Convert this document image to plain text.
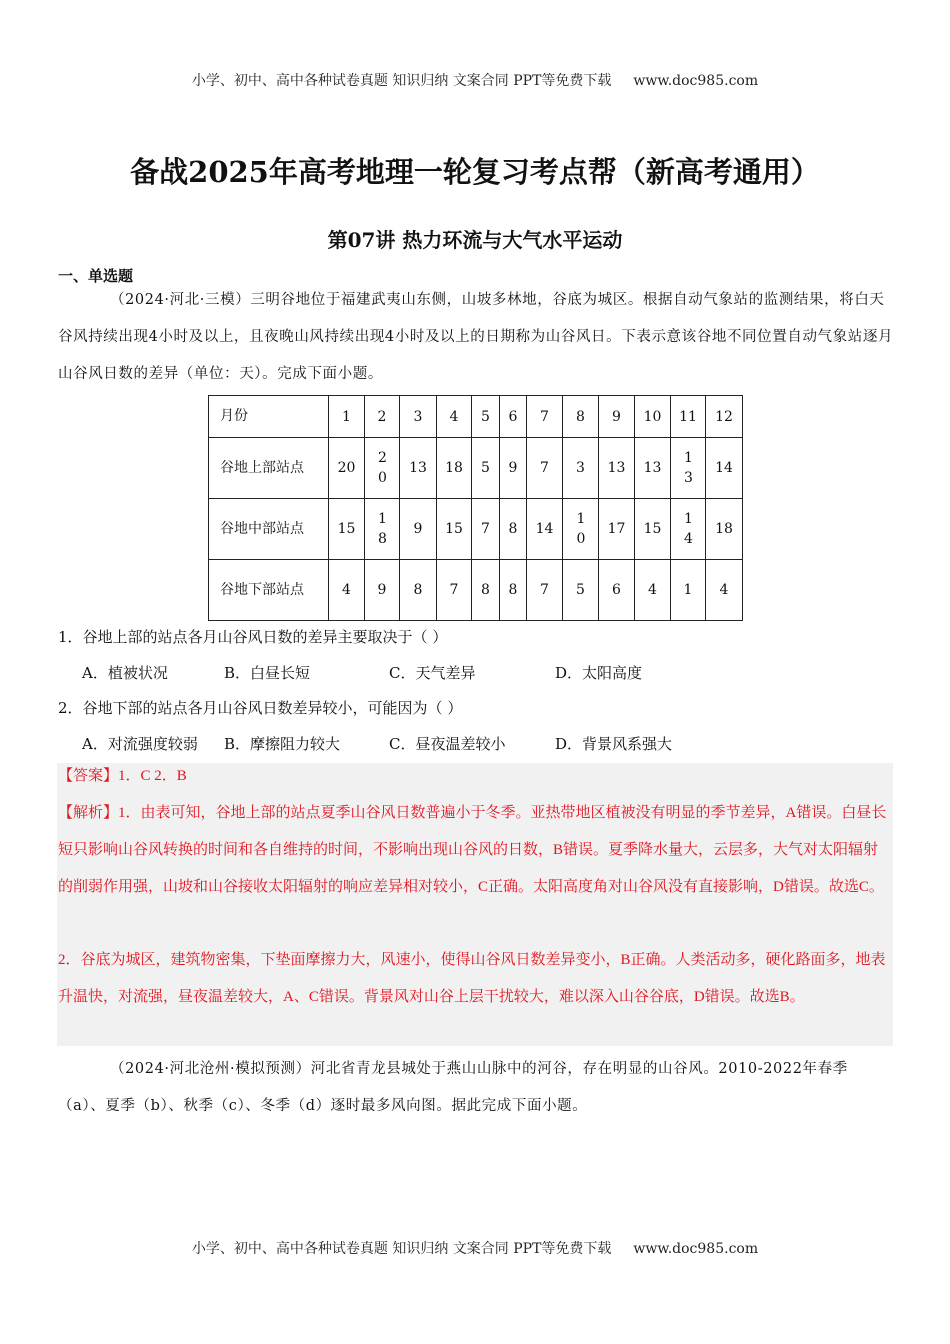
小学、初中、高中各种试卷真题 知识归纳 文案合同 PPT等免费下载 www.doc985.com
备战2025年高考地理一轮复习考点帮（新高考通用）
第07讲 热力环流与大气水平运动
一、单选题
（2024·河北·三模）三明谷地位于福建武夷山东侧，山坡多林地，谷底为城区。根据自动气象站的监测结果，将白天谷风持续出现4小时及以上，且夜晚山风持续出现4小时及以上的日期称为山谷风日。下表示意该谷地不同位置自动气象站逐月山谷风日数的差异（单位：天）。完成下面小题。
月份	1	2	3	4	5	6	7	8	9	10	11	12
谷地上部站点	20	20	13	18	5	9	7	3	13	13	13	14
谷地中部站点	15	18	9	15	7	8	14	10	17	15	14	18
谷地下部站点	4	9	8	7	8	8	7	5	6	4	1	4
1．谷地上部的站点各月山谷风日数的差异主要取决于（ ）
A．植被状况	B．白昼长短	C．天气差异	D．太阳高度
2．谷地下部的站点各月山谷风日数差异较小，可能因为（ ）
A．对流强度较弱 B．摩擦阻力较大	C．昼夜温差较小	D．背景风系强大
【答案】1．C 2．B
【解析】1．由表可知，谷地上部的站点夏季山谷风日数普遍小于冬季。亚热带地区植被没有明显的季节差异，A错误。白昼长短只影响山谷风转换的时间和各自维持的时间，不影响出现山谷风的日数，B错误。夏季降水量大，云层多，大气对太阳辐射的削弱作用强，山坡和山谷接收太阳辐射的响应差异相对较小，C正确。太阳高度角对山谷风没有直接影响，D错误。故选C。
2．谷底为城区，建筑物密集，下垫面摩擦力大，风速小，使得山谷风日数差异变小，B正确。人类活动多，硬化路面多，地表升温快，对流强，昼夜温差较大，A、C错误。背景风对山谷上层干扰较大，难以深入山谷谷底，D错误。故选B。
（2024·河北沧州·模拟预测）河北省青龙县城处于燕山山脉中的河谷，存在明显的山谷风。2010-2022年春季（a）、夏季（b）、秋季（c）、冬季（d）逐时最多风向图。据此完成下面小题。
小学、初中、高中各种试卷真题 知识归纳 文案合同 PPT等免费下载 www.doc985.com
